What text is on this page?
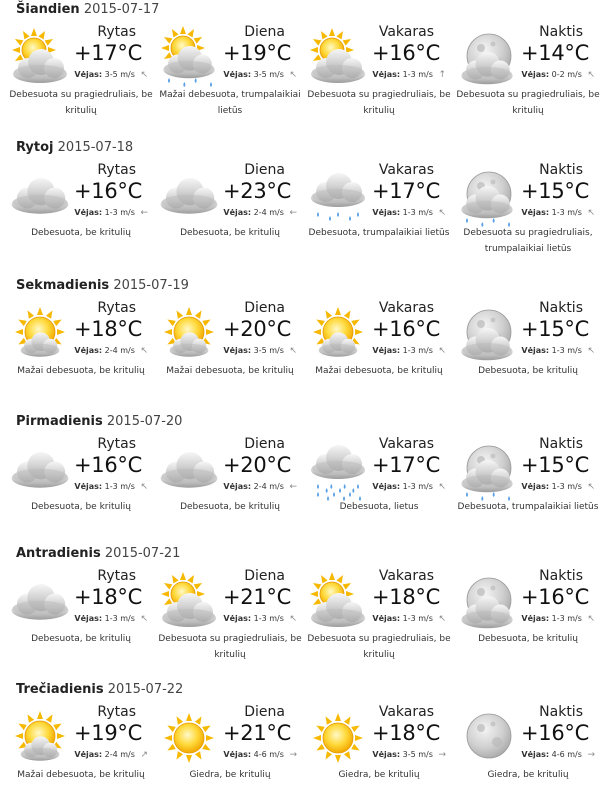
Šiandien 2015-07-17
Rytas
+17°C
Vėjas: 3-5 m/s ↖
Debesuota su pragiedruliais, be kritulių
Diena
+19°C
Vėjas: 3-5 m/s ↖
Mažai debesuota, trumpalaikiai lietūs
Vakaras
+16°C
Vėjas: 1-3 m/s ↑
Debesuota su pragiedruliais, be kritulių
Naktis
+14°C
Vėjas: 0-2 m/s ↖
Debesuota su pragiedruliais, be kritulių
Rytoj 2015-07-18
Rytas
+16°C
Vėjas: 1-3 m/s ←
Debesuota, be kritulių
Diena
+23°C
Vėjas: 2-4 m/s ←
Debesuota, be kritulių
Vakaras
+17°C
Vėjas: 1-3 m/s ↖
Debesuota, trumpalaikiai lietūs
Naktis
+15°C
Vėjas: 1-3 m/s ↖
Debesuota su pragiedruliais, trumpalaikiai lietūs
Sekmadienis 2015-07-19
Rytas
+18°C
Vėjas: 2-4 m/s ↖
Mažai debesuota, be kritulių
Diena
+20°C
Vėjas: 3-5 m/s ↖
Mažai debesuota, be kritulių
Vakaras
+16°C
Vėjas: 1-3 m/s ↖
Mažai debesuota, be kritulių
Naktis
+15°C
Vėjas: 1-3 m/s ↖
Debesuota, be kritulių
Pirmadienis 2015-07-20
Rytas
+16°C
Vėjas: 1-3 m/s ↖
Debesuota, be kritulių
Diena
+20°C
Vėjas: 2-4 m/s ←
Debesuota, be kritulių
Vakaras
+17°C
Vėjas: 1-3 m/s ↖
Debesuota, lietus
Naktis
+15°C
Vėjas: 1-3 m/s ↖
Debesuota, trumpalaikiai lietūs
Antradienis 2015-07-21
Rytas
+18°C
Vėjas: 1-3 m/s ↖
Debesuota, be kritulių
Diena
+21°C
Vėjas: 1-3 m/s ↖
Debesuota su pragiedruliais, be kritulių
Vakaras
+18°C
Vėjas: 1-3 m/s ↖
Debesuota su pragiedruliais, be kritulių
Naktis
+16°C
Vėjas: 1-3 m/s ↖
Debesuota, be kritulių
Trečiadienis 2015-07-22
Rytas
+19°C
Vėjas: 2-4 m/s ↗
Mažai debesuota, be kritulių
Diena
+21°C
Vėjas: 4-6 m/s →
Giedra, be kritulių
Vakaras
+18°C
Vėjas: 3-5 m/s →
Giedra, be kritulių
Naktis
+16°C
Vėjas: 4-6 m/s →
Giedra, be kritulių
